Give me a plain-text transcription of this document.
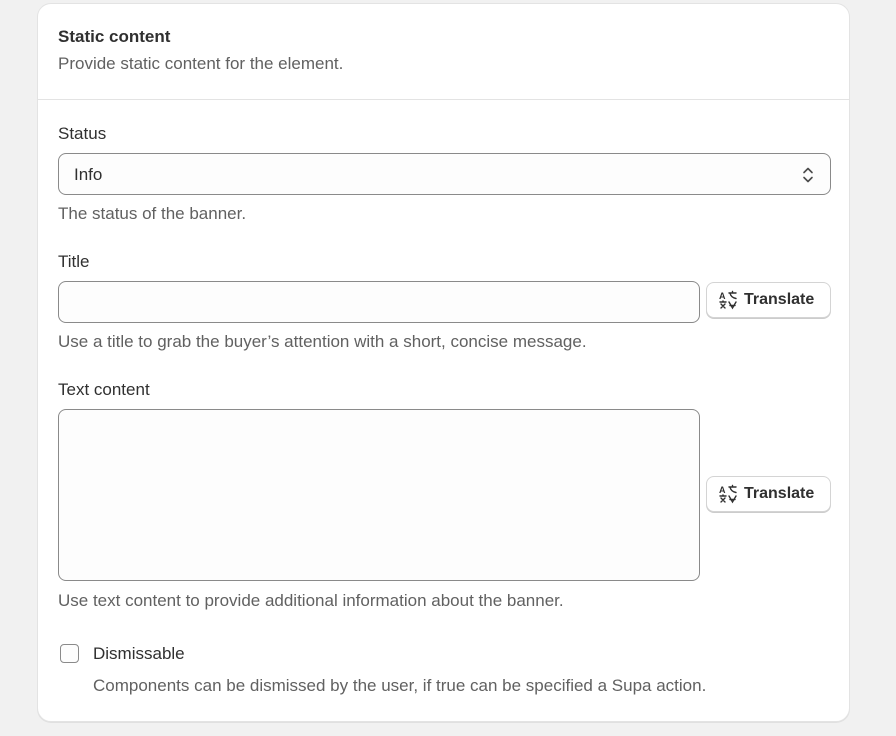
Static content
Provide static content for the element.
Status
Info
The status of the banner.
Title
A Translate
Use a title to grab the buyer’s attention with a short, concise message.
Text content
A Translate
Use text content to provide additional information about the banner.
Dismissable
Components can be dismissed by the user, if true can be specified a Supa action.
